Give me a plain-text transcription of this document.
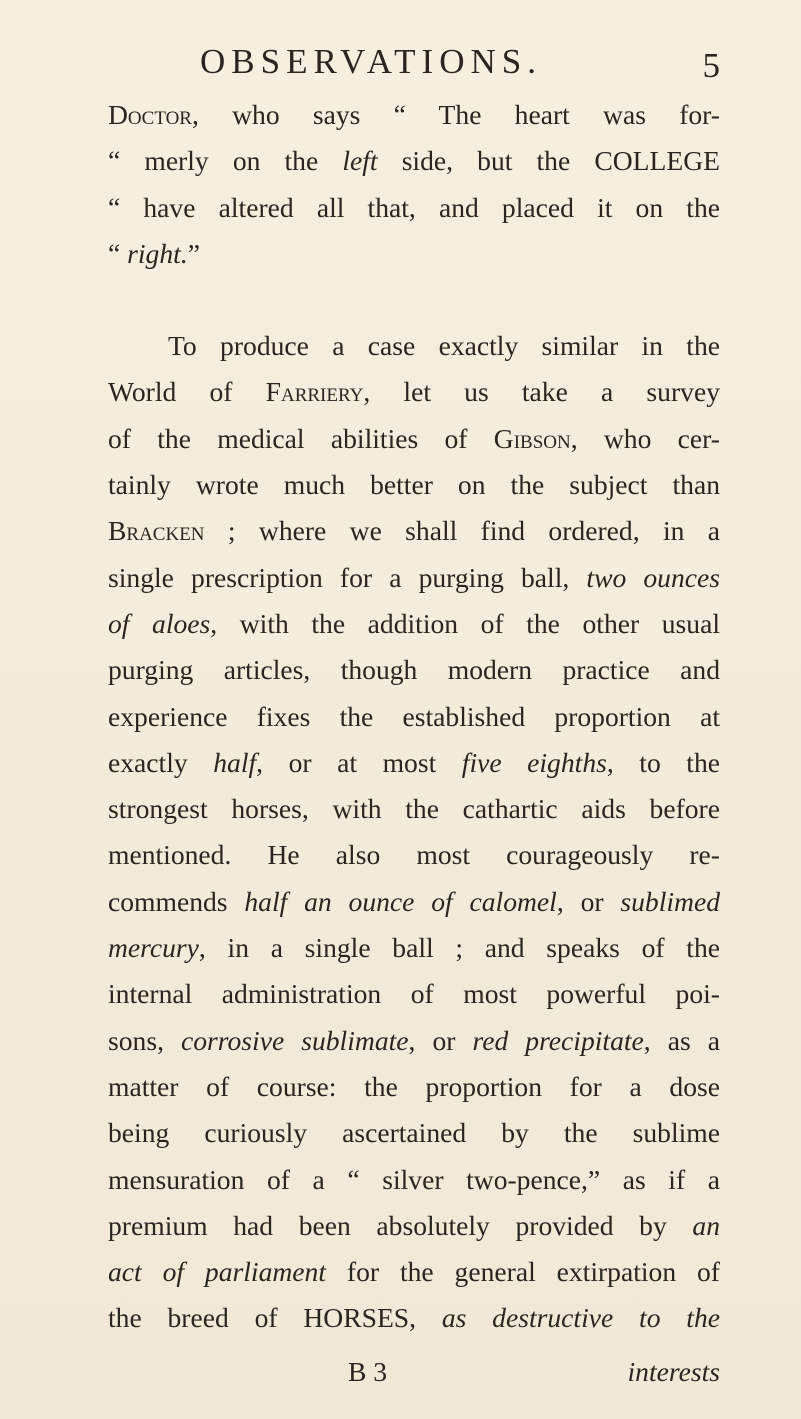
OBSERVATIONS.	5
Doctor, who says “ The heart was for-
“ merly on the left side, but the COLLEGE
“ have altered all that, and placed it on the
“ right.”
To produce a case exactly similar in the
World of Farriery, let us take a survey
of the medical abilities of Gibson, who cer-
tainly wrote much better on the subject than
Bracken ; where we shall find ordered, in a
single prescription for a purging ball, two ounces
of aloes, with the addition of the other usual
purging articles, though modern practice and
experience fixes the established proportion at
exactly half, or at most five eighths, to the
strongest horses, with the cathartic aids before
mentioned. He also most courageously re-
commends half an ounce of calomel, or sublimed
mercury, in a single ball ; and speaks of the
internal administration of most powerful poi-
sons, corrosive sublimate, or red precipitate, as a
matter of course: the proportion for a dose
being curiously ascertained by the sublime
mensuration of a “ silver two-pence,” as if a
premium had been absolutely provided by an
act of parliament for the general extirpation of
the breed of HORSES, as destructive to the
B 3	interests
